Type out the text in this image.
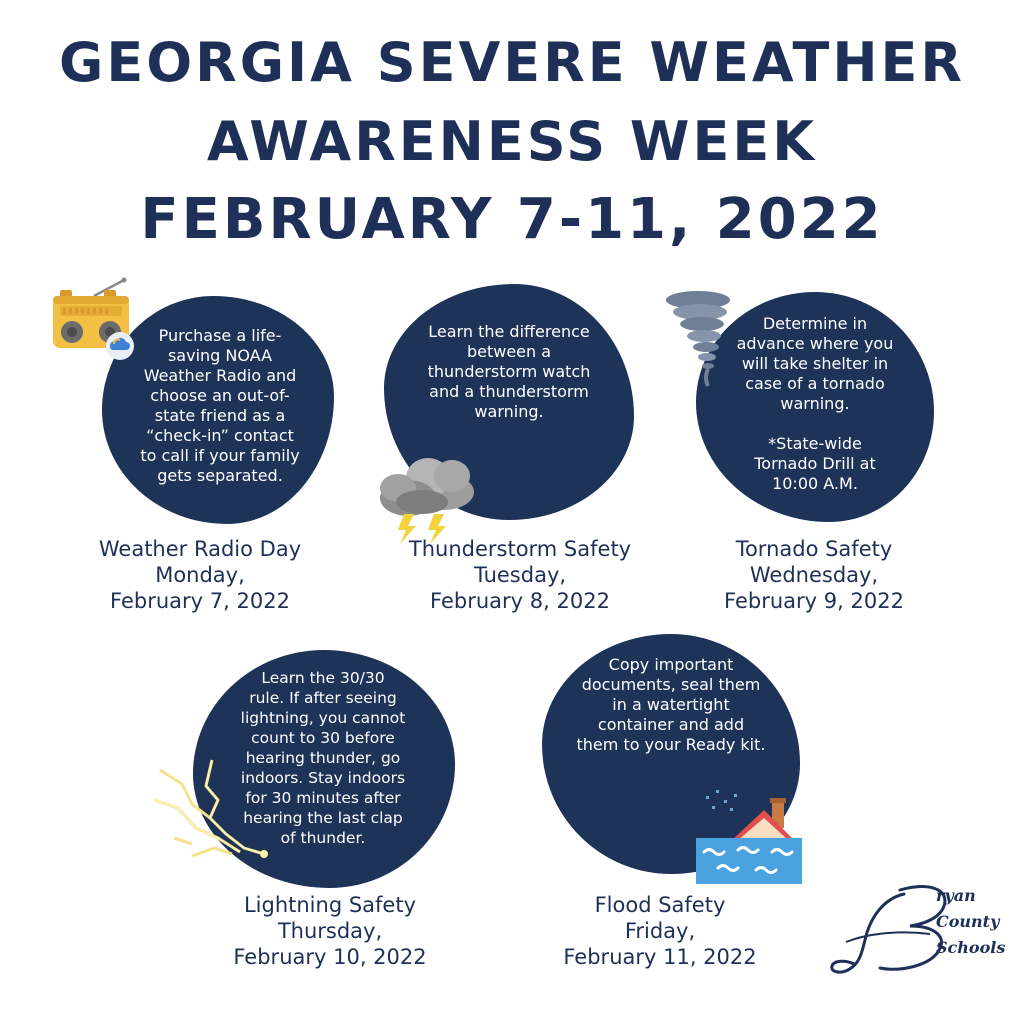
GEORGIA SEVERE WEATHER
AWARENESS WEEK
FEBRUARY 7-11, 2022
Purchase a life-
saving NOAA
Weather Radio and
choose an out-of-
state friend as a
“check-in” contact
to call if your family
gets separated.
Weather Radio Day
Monday,
February 7, 2022
Learn the difference
between a
thunderstorm watch
and a thunderstorm
warning.
Thunderstorm Safety
Tuesday,
February 8, 2022
Determine in
advance where you
will take shelter in
case of a tornado
warning.

*State-wide
Tornado Drill at
10:00 A.M.
Tornado Safety
Wednesday,
February 9, 2022
Learn the 30/30
rule. If after seeing
lightning, you cannot
count to 30 before
hearing thunder, go
indoors. Stay indoors
for 30 minutes after
hearing the last clap
of thunder.
Lightning Safety
Thursday,
February 10, 2022
Copy important
documents, seal them
in a watertight
container and add
them to your Ready kit.
Flood Safety
Friday,
February 11, 2022
ryan
County
Schools
